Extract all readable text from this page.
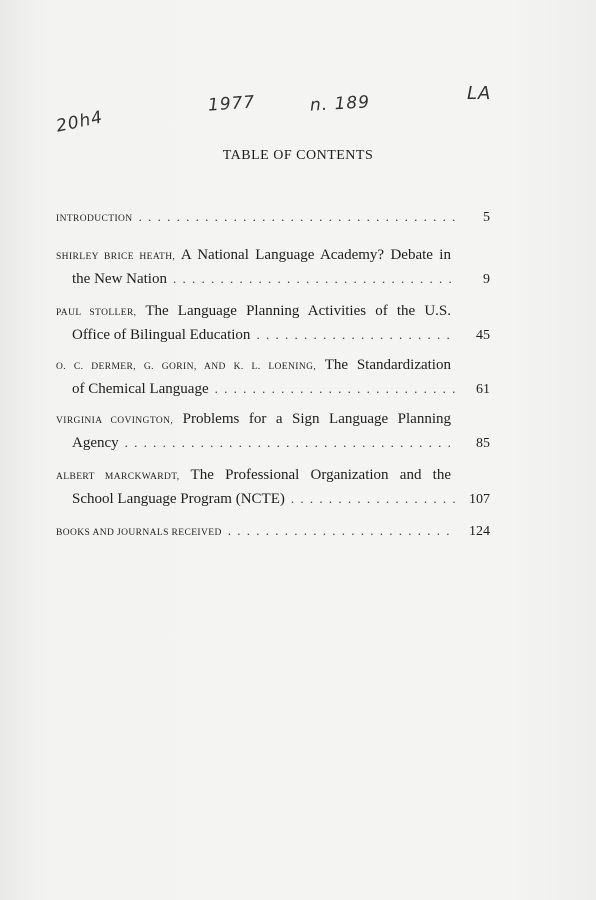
20h4
1977	n. 189	LA
TABLE OF CONTENTS
INTRODUCTION . . .	5
SHIRLEY BRICE HEATH, A National Language Academy? Debate in
the New Nation . . .	9
PAUL STOLLER, The Language Planning Activities of the U.S.
Office of Bilingual Education . . .	45
O. C. DERMER, G. GORIN, AND K. L. LOENING, The Standardization
of Chemical Language . . .	61
VIRGINIA COVINGTON, Problems for a Sign Language Planning
Agency . . .	85
ALBERT MARCKWARDT, The Professional Organization and the
School Language Program (NCTE) . . .	107
BOOKS AND JOURNALS RECEIVED . . .	124
